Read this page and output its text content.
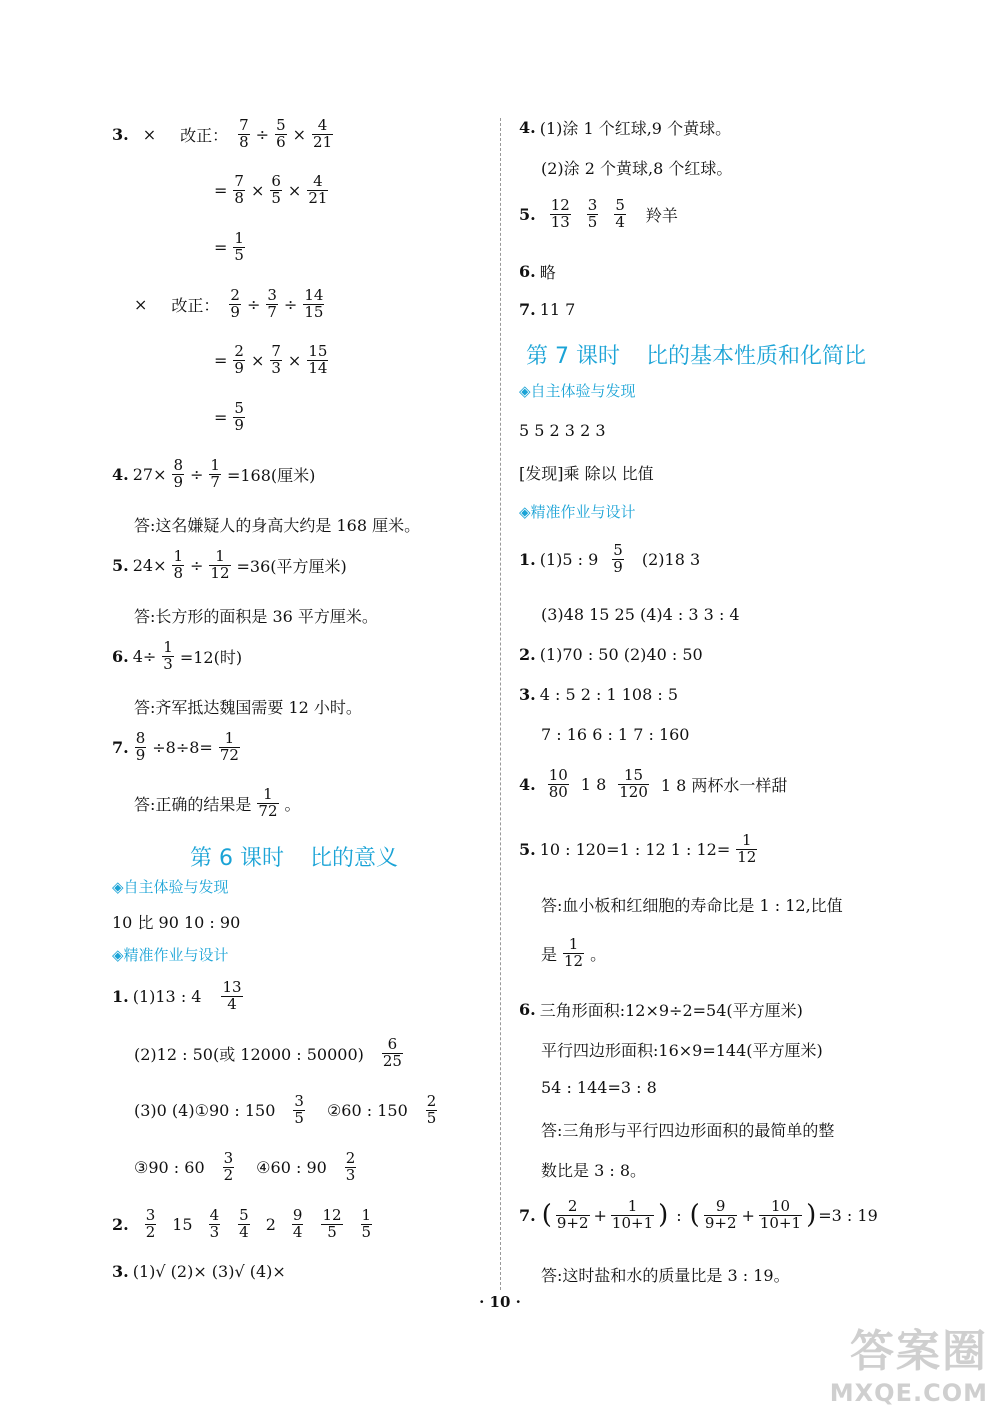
3. × 改正： $\frac{7}{8} \div \frac{5}{6} \times \frac{4}{21}$
= $\frac{7}{8} \times \frac{6}{5} \times \frac{4}{21}$
= $\frac{1}{5}$
× 改正： $\frac{2}{9} \div \frac{3}{7} \div \frac{14}{15}$
= $\frac{2}{9} \times \frac{7}{3} \times \frac{15}{14}$
= $\frac{5}{9}$
4. $27\times \frac{8}{9} \div \frac{1}{7} =168$(厘米)
答:这名嫌疑人的身高大约是 168 厘米。
5. $24\times \frac{1}{8} \div \frac{1}{12} =36$(平方厘米)
答:长方形的面积是 36 平方厘米。
6. $4\div \frac{1}{3} =12$(时)
答:齐军抵达魏国需要 12 小时。
7. $\frac{8}{9} \div 8\div 8= \frac{1}{72}$
答:正确的结果是 $\frac{1}{72}$ 。
第 6 课时 比的意义
◈自主体验与发现
10 比 90 10 : 90
◈精准作业与设计
1. (1)13 : $4 \frac{13}{4}$
(2)12 : 50(或 12000 : $50000) \frac{6}{25}$
(3)0 (4)①90 : $150 \frac{3}{5}$ ②60 : $150 \frac{2}{5}$
③90 : $60 \frac{3}{2}$ ④60 : $90 \frac{2}{3}$
2. $\frac{3}{2} 15 \frac{4}{3} \frac{5}{4} 2 \frac{9}{4} \frac{12}{5} \frac{1}{5}$
3. (1)√ (2)× (3)√ (4)×
4. (1)涂 1 个红球,9 个黄球。
(2)涂 2 个黄球,8 个红球。
5. $\frac{12}{13} \frac{3}{5} \frac{5}{4}$ 羚羊
6. 略
7. 11 7
第 7 课时 比的基本性质和化简比
◈自主体验与发现
5 5 2 3 2 3
[发现]乘 除以 比值
◈精准作业与设计
1. (1)5 : $9 \frac{5}{9} (2)18$ 3
(3)48 15 25 (4)4 : 3 3 : 4
2. (1)70 : 50 (2)40 : 50
3. 4 : 5 2 : 1 108 : 5
7 : 16 6 : 1 7 : 160
4. $\frac{10}{80} 1$ $8 \frac{15}{120} 1$ 8 两杯水一样甜
5. 10 : 120=1 : 12 1 : $12= \frac{1}{12}$
答:血小板和红细胞的寿命比是 1 : 12,比值
是 $\frac{1}{12}$ 。
6. 三角形面积:12×9÷2=54(平方厘米)
平行四边形面积:16×9=144(平方厘米)
54 : 144=3 : 8
答:三角形与平行四边形面积的最简单的整
数比是 3 : 8。
7. ( $\frac{2}{9+2} + \frac{1}{10+1}$ ) : ( $\frac{9}{9+2} + \frac{10}{10+1}$ ) =3 : 19
答:这时盐和水的质量比是 3 : 19。
· 10 ·
答案圈
MXQE.COM
